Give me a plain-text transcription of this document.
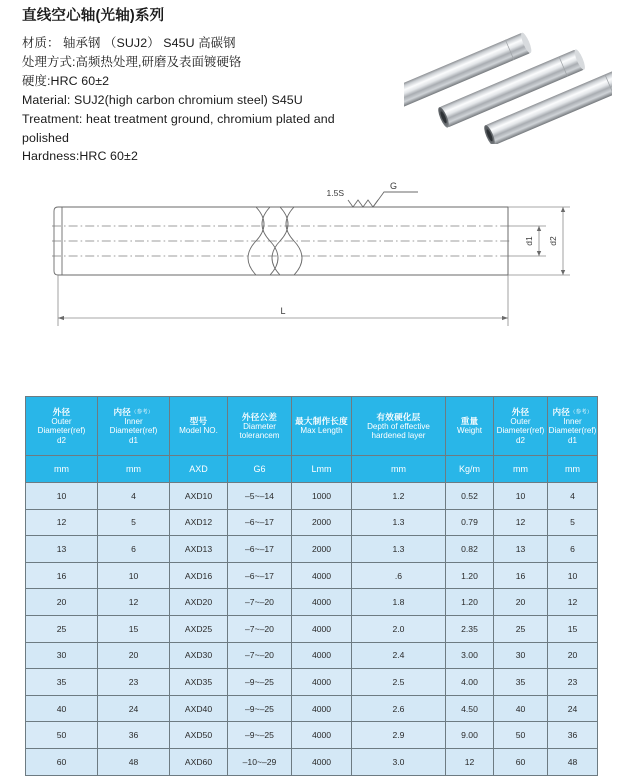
直线空心轴(光轴)系列

材质： 轴承钢 （SUJ2） S45U 高碳钢

处理方式:高频热处理,研磨及表面镀硬铬

硬度:HRC 60±2

Material: SUJ2(high carbon chromium steel) S45U

Treatment: heat treatment ground, chromium plated and polished

Hardness:HRC 60±2

1.5S
G
d1 d2
L
外径
Outer
Diameter(ref)
d2	内径（参考）
Inner
Diameter(ref)
d1	型号
Model NO.	外径公差
Diameter
tolerancem	最大制作长度
Max Length	有效硬化层
Depth of effective
hardened layer	重量
Weight	外径
Outer
Diameter(ref)
d2	内径（参考）
Inner
Diameter(ref)
d1

mm	mm	AXD	G6	Lmm	mm	Kg/m	mm	mm
10	4	AXD10	–5~–14	1000	1.2	0.52	10	4
12	5	AXD12	–6~–17	2000	1.3	0.79	12	5
13	6	AXD13	–6~–17	2000	1.3	0.82	13	6
16	10	AXD16	–6~–17	4000	.6	1.20	16	10
20	12	AXD20	–7~–20	4000	1.8	1.20	20	12
25	15	AXD25	–7~–20	4000	2.0	2.35	25	15
30	20	AXD30	–7~–20	4000	2.4	3.00	30	20
35	23	AXD35	–9~–25	4000	2.5	4.00	35	23
40	24	AXD40	–9~–25	4000	2.6	4.50	40	24
50	36	AXD50	–9~–25	4000	2.9	9.00	50	36
60	48	AXD60	–10~–29	4000	3.0	12	60	48
